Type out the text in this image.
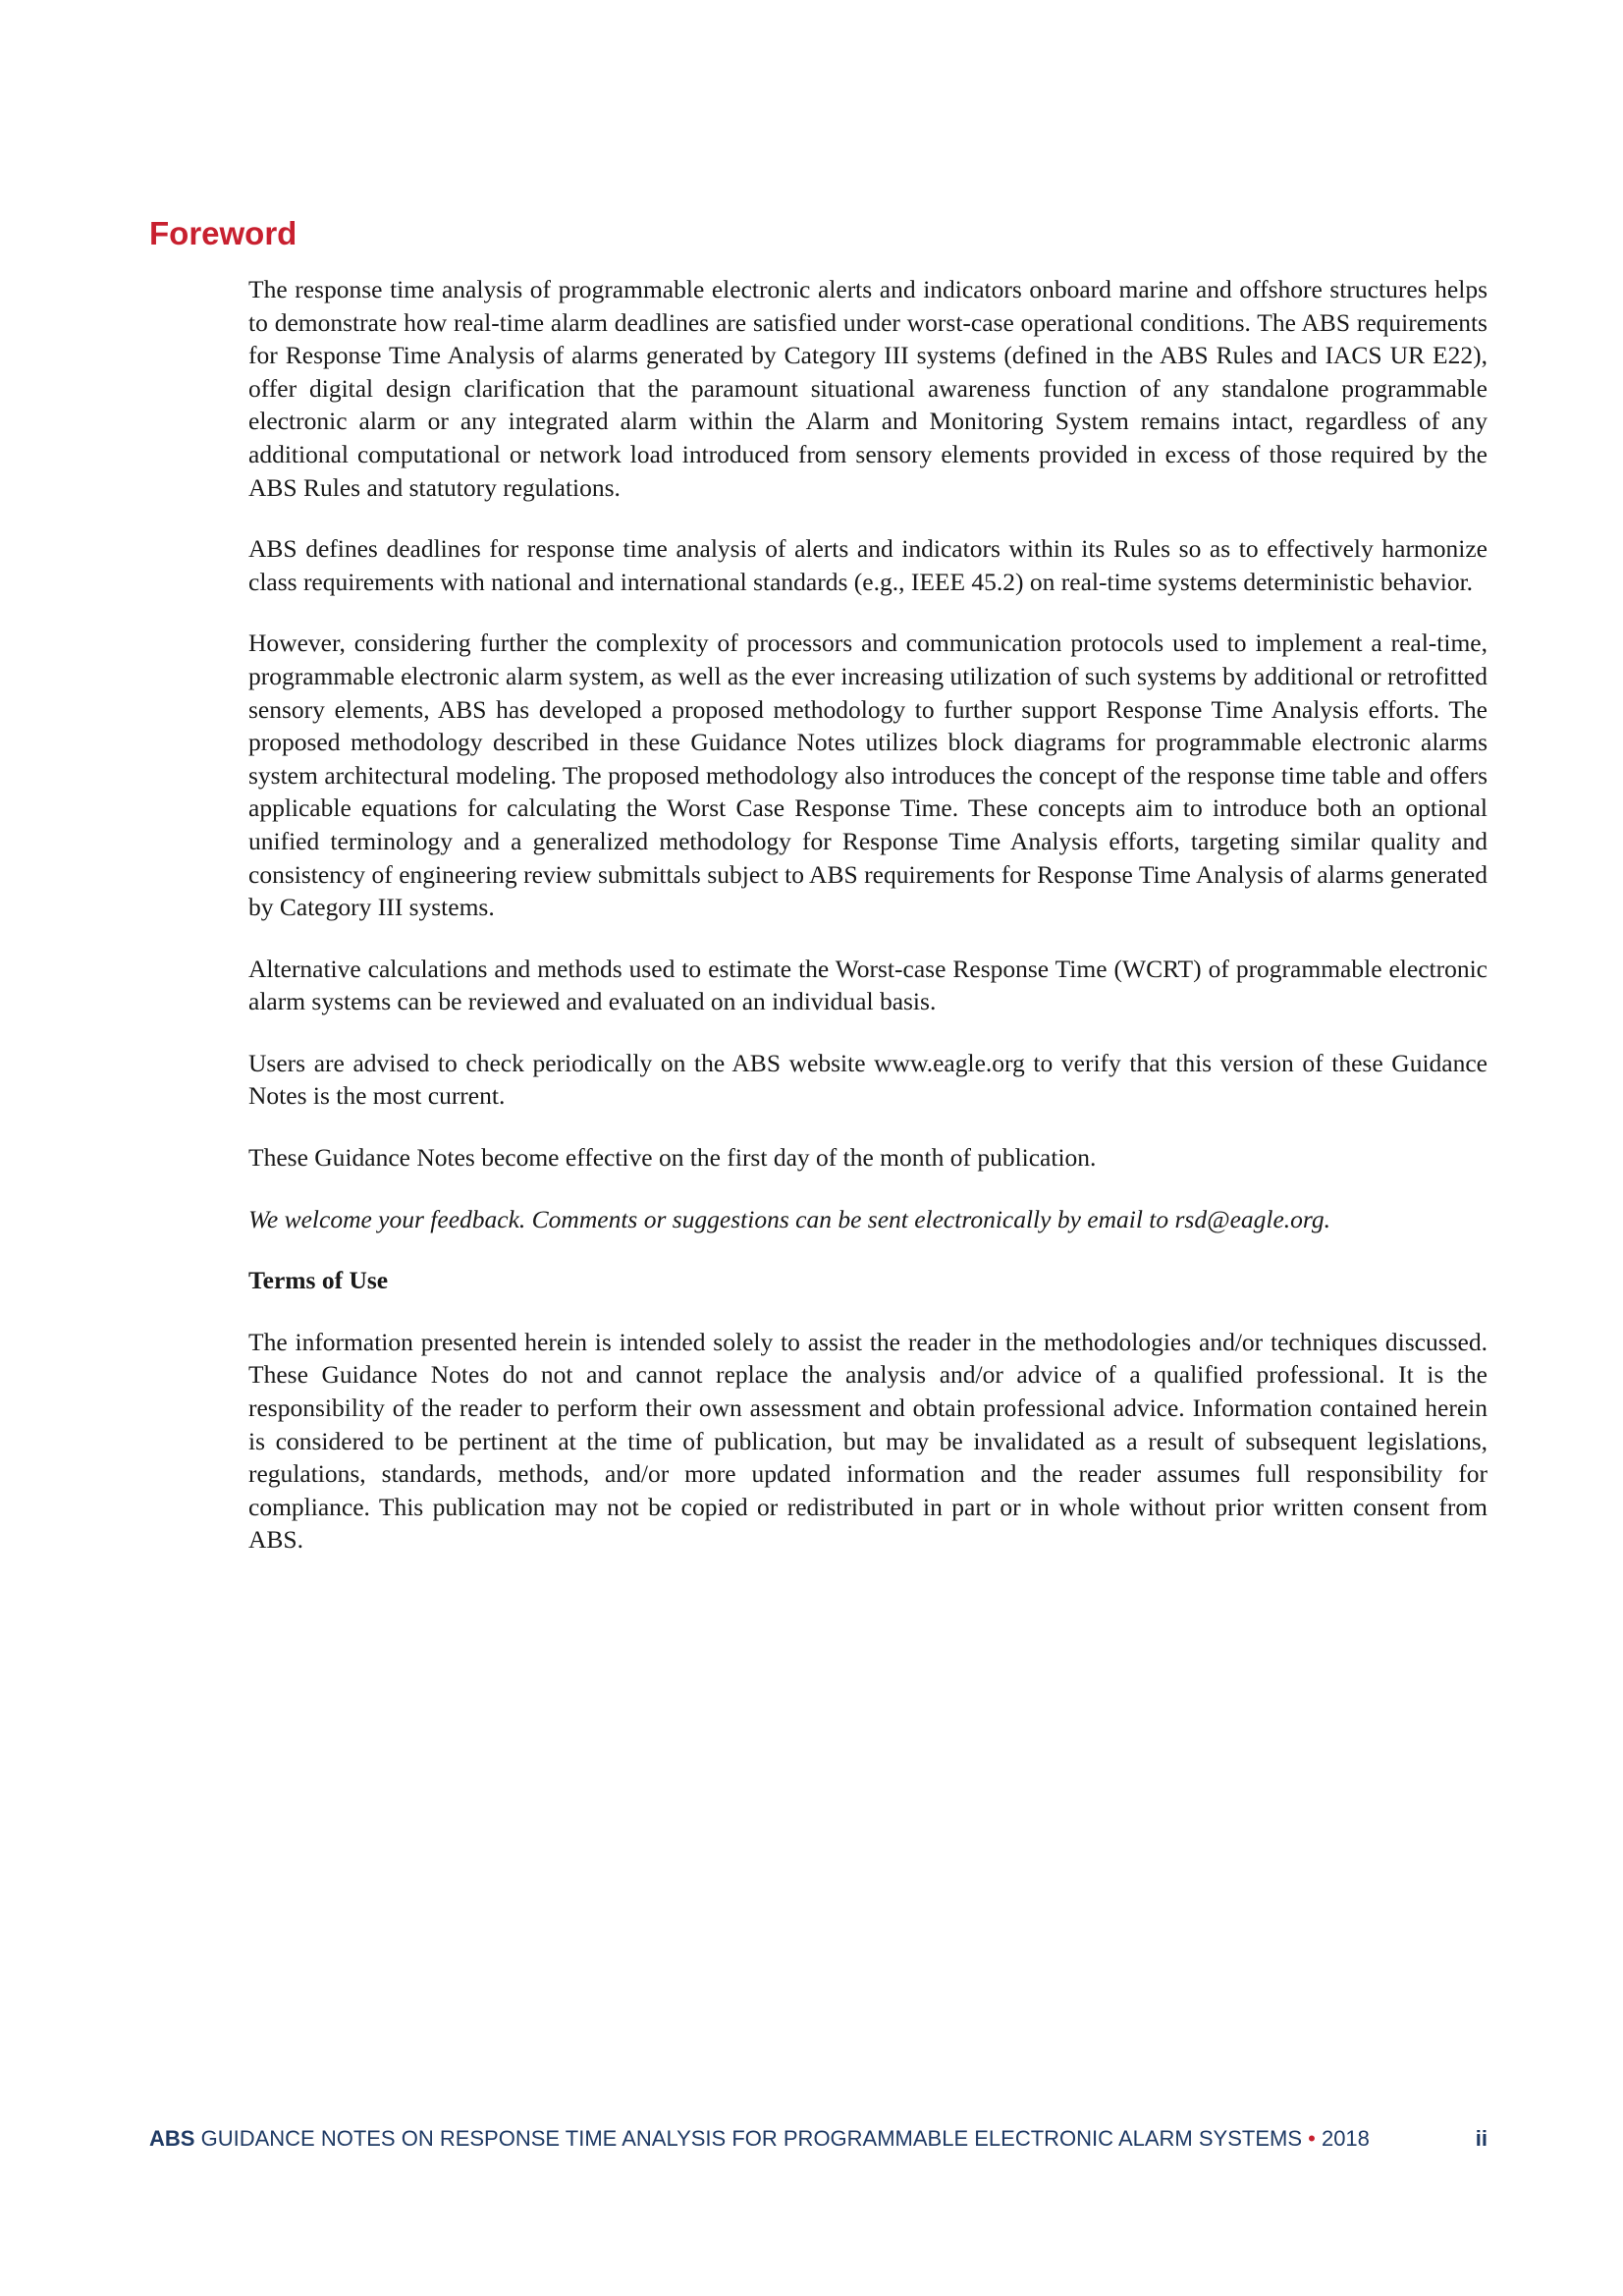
Foreword

The response time analysis of programmable electronic alerts and indicators onboard marine and offshore structures helps to demonstrate how real-time alarm deadlines are satisfied under worst-case operational conditions. The ABS requirements for Response Time Analysis of alarms generated by Category III systems (defined in the ABS Rules and IACS UR E22), offer digital design clarification that the paramount situational awareness function of any standalone programmable electronic alarm or any integrated alarm within the Alarm and Monitoring System remains intact, regardless of any additional computational or network load introduced from sensory elements provided in excess of those required by the ABS Rules and statutory regulations.

ABS defines deadlines for response time analysis of alerts and indicators within its Rules so as to effectively harmonize class requirements with national and international standards (e.g., IEEE 45.2) on real-time systems deterministic behavior.

However, considering further the complexity of processors and communication protocols used to implement a real-time, programmable electronic alarm system, as well as the ever increasing utilization of such systems by additional or retrofitted sensory elements, ABS has developed a proposed methodology to further support Response Time Analysis efforts. The proposed methodology described in these Guidance Notes utilizes block diagrams for programmable electronic alarms system architectural modeling. The proposed methodology also introduces the concept of the response time table and offers applicable equations for calculating the Worst Case Response Time. These concepts aim to introduce both an optional unified terminology and a generalized methodology for Response Time Analysis efforts, targeting similar quality and consistency of engineering review submittals subject to ABS requirements for Response Time Analysis of alarms generated by Category III systems.

Alternative calculations and methods used to estimate the Worst-case Response Time (WCRT) of programmable electronic alarm systems can be reviewed and evaluated on an individual basis.

Users are advised to check periodically on the ABS website www.eagle.org to verify that this version of these Guidance Notes is the most current.

These Guidance Notes become effective on the first day of the month of publication.

We welcome your feedback. Comments or suggestions can be sent electronically by email to rsd@eagle.org.

Terms of Use

The information presented herein is intended solely to assist the reader in the methodologies and/or techniques discussed. These Guidance Notes do not and cannot replace the analysis and/or advice of a qualified professional. It is the responsibility of the reader to perform their own assessment and obtain professional advice. Information contained herein is considered to be pertinent at the time of publication, but may be invalidated as a result of subsequent legislations, regulations, standards, methods, and/or more updated information and the reader assumes full responsibility for compliance. This publication may not be copied or redistributed in part or in whole without prior written consent from ABS.

ABS GUIDANCE NOTES ON RESPONSE TIME ANALYSIS FOR PROGRAMMABLE ELECTRONIC ALARM SYSTEMS • 2018	ii
